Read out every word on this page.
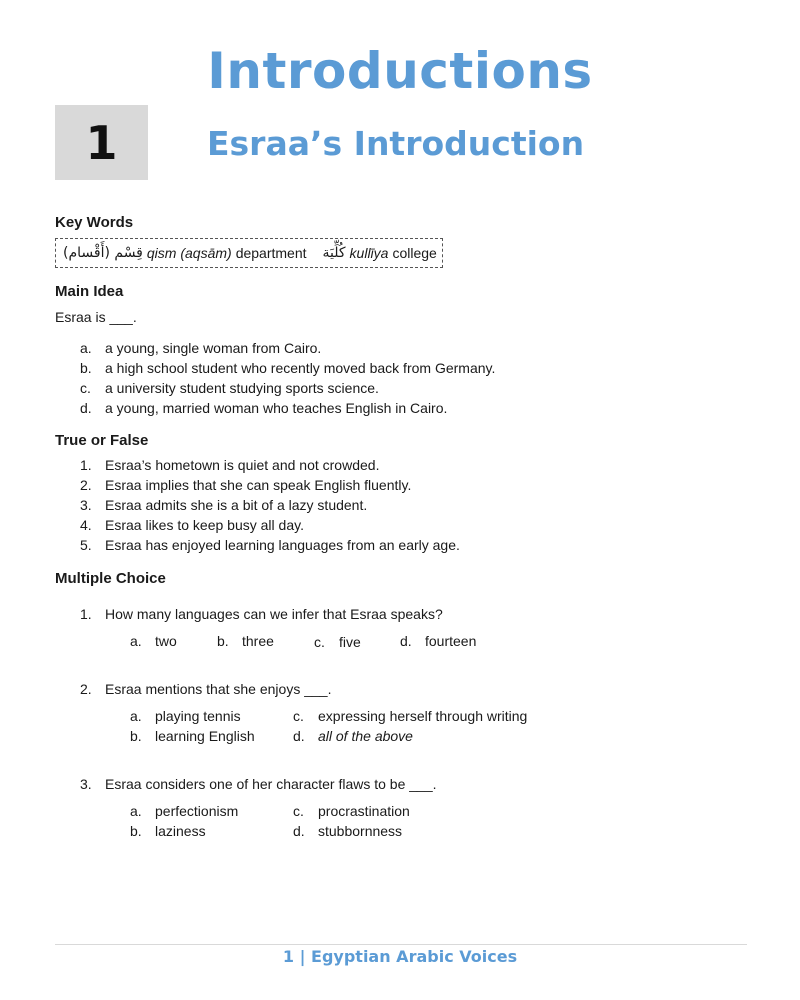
Introductions
1	Esraa’s Introduction
Key Words
قِسْم (أَقْسام) qism (aqsām) department كُلِّيَة kullīya college
Main Idea
Esraa is ___.
a. a young, single woman from Cairo.
b. a high school student who recently moved back from Germany.
c. a university student studying sports science.
d. a young, married woman who teaches English in Cairo.
True or False
1. Esraa’s hometown is quiet and not crowded.
2. Esraa implies that she can speak English fluently.
3. Esraa admits she is a bit of a lazy student.
4. Esraa likes to keep busy all day.
5. Esraa has enjoyed learning languages from an early age.
Multiple Choice
1. How many languages can we infer that Esraa speaks?
a. two	b. three	c. five	d. fourteen
2. Esraa mentions that she enjoys ___.
a. playing tennis	c. expressing herself through writing
b. learning English	d. all of the above
3. Esraa considers one of her character flaws to be ___.
a. perfectionism	c. procrastination
b. laziness	d. stubbornness
1 | Egyptian Arabic Voices
